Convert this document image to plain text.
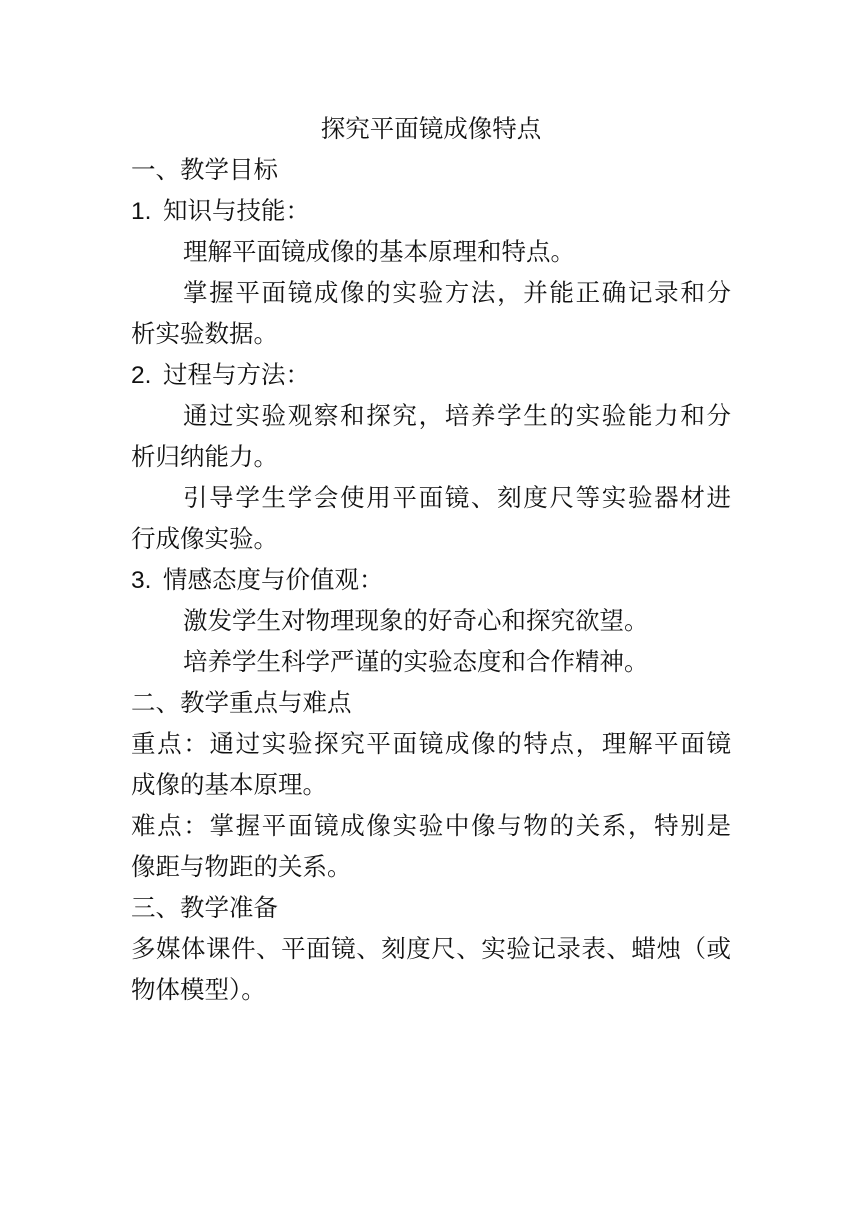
探究平面镜成像特点
一、教学目标
1. 知识与技能：
理解平面镜成像的基本原理和特点。
掌握平面镜成像的实验方法，并能正确记录和分
析实验数据。
2. 过程与方法：
通过实验观察和探究，培养学生的实验能力和分
析归纳能力。
引导学生学会使用平面镜、刻度尺等实验器材进
行成像实验。
3. 情感态度与价值观：
激发学生对物理现象的好奇心和探究欲望。
培养学生科学严谨的实验态度和合作精神。
二、教学重点与难点
重点：通过实验探究平面镜成像的特点，理解平面镜
成像的基本原理。
难点：掌握平面镜成像实验中像与物的关系，特别是
像距与物距的关系。
三、教学准备
多媒体课件、平面镜、刻度尺、实验记录表、蜡烛（或
物体模型）。
